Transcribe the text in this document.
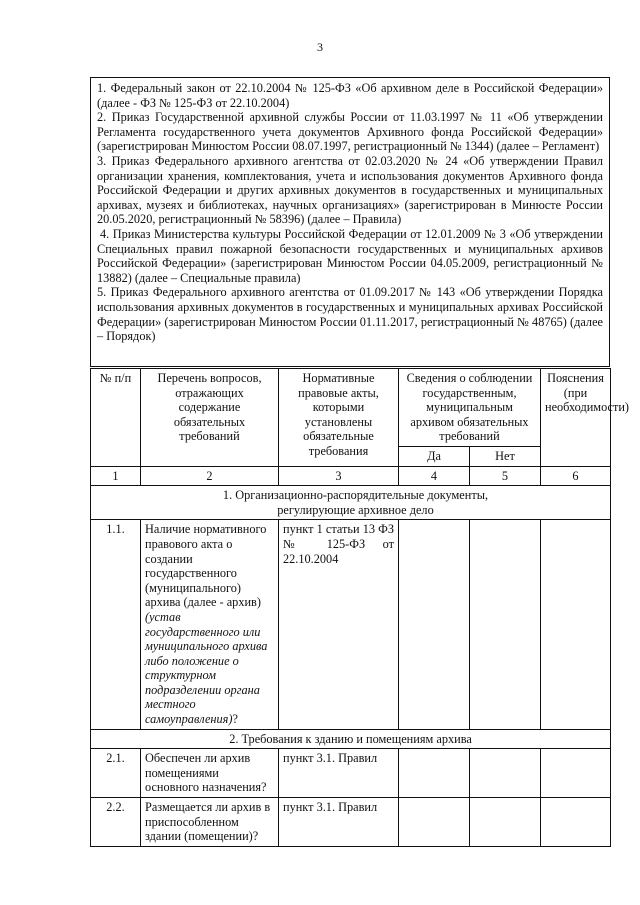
3

1. Федеральный закон от 22.10.2004 № 125-ФЗ «Об архивном деле в Российской Федерации» (далее - ФЗ № 125-ФЗ от 22.10.2004)

2. Приказ Государственной архивной службы России от 11.03.1997 № 11 «Об утверждении Регламента государственного учета документов Архивного фонда Российской Федерации» (зарегистрирован Минюстом России 08.07.1997, регистрационный № 1344) (далее – Регламент)

3. Приказ Федерального архивного агентства от 02.03.2020 № 24 «Об утверждении Правил организации хранения, комплектования, учета и использования документов Архивного фонда Российской Федерации и других архивных документов в государственных и муниципальных архивах, музеях и библиотеках, научных организациях» (зарегистрирован в Минюсте России 20.05.2020, регистрационный № 58396) (далее – Правила)

4. Приказ Министерства культуры Российской Федерации от 12.01.2009 № 3 «Об утверждении Специальных правил пожарной безопасности государственных и муниципальных архивов Российской Федерации» (зарегистрирован Минюстом России 04.05.2009, регистрационный № 13882) (далее – Специальные правила)

5. Приказ Федерального архивного агентства от 01.09.2017 № 143 «Об утверждении Порядка использования архивных документов в государственных и муниципальных архивах Российской Федерации» (зарегистрирован Минюстом России 01.11.2017, регистрационный № 48765) (далее – Порядок)

№ п/п	Перечень вопросов, отражающих содержание обязательных требований	Нормативные правовые акты, которыми установлены обязательные требования	Сведения о соблюдении государственным, муниципальным архивом обязательных требований		Пояснения (при необходимости)
			Да	Нет	
1	2	3	4	5	6
1. Организационно-распорядительные документы, регулирующие архивное дело					
1.1.	Наличие нормативного правового акта о создании государственного (муниципального) архива (далее - архив) (устав государственного или муниципального архива либо положение о структурном подразделении органа местного самоуправления)?	пункт 1 статьи 13 ФЗ № 125-ФЗ от 22.10.2004			
2. Требования к зданию и помещениям архива					
2.1.	Обеспечен ли архив помещениями основного назначения?	пункт 3.1. Правил			
2.2.	Размещается ли архив в приспособленном здании (помещении)?	пункт 3.1. Правил			
